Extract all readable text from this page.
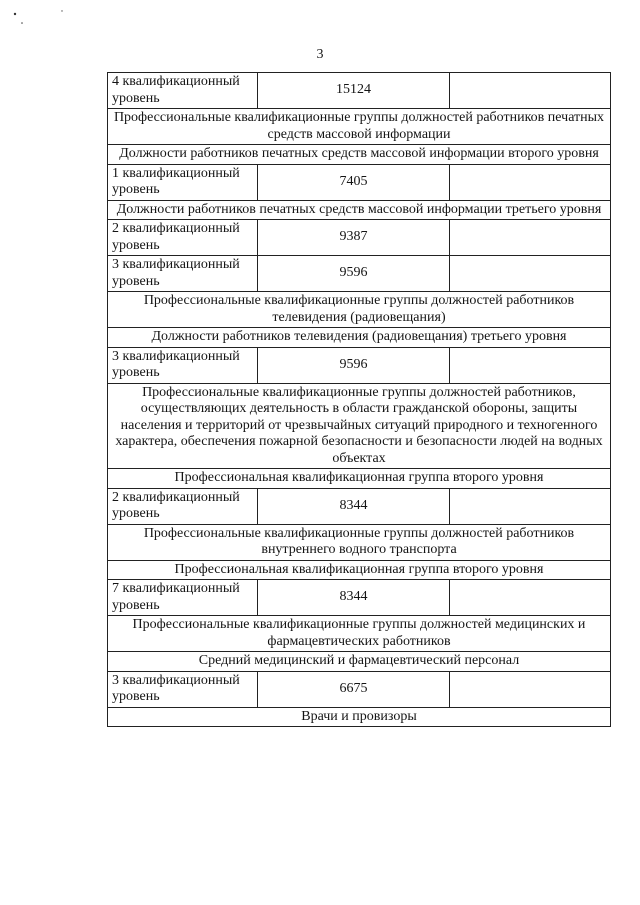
3
4 квалификационный уровень	15124	
Профессиональные квалификационные группы должностей работников печатных средств массовой информации		
Должности работников печатных средств массовой информации второго уровня		
1 квалификационный уровень	7405	
Должности работников печатных средств массовой информации третьего уровня		
2 квалификационный уровень	9387	
3 квалификационный уровень	9596	
Профессиональные квалификационные группы должностей работников телевидения (радиовещания)		
Должности работников телевидения (радиовещания) третьего уровня		
3 квалификационный уровень	9596	
Профессиональные квалификационные группы должностей работников, осуществляющих деятельность в области гражданской обороны, защиты населения и территорий от чрезвычайных ситуаций природного и техногенного характера, обеспечения пожарной безопасности и безопасности людей на водных объектах		
Профессиональная квалификационная группа второго уровня		
2 квалификационный уровень	8344	
Профессиональные квалификационные группы должностей работников внутреннего водного транспорта		
Профессиональная квалификационная группа второго уровня		
7 квалификационный уровень	8344	
Профессиональные квалификационные группы должностей медицинских и фармацевтических работников		
Средний медицинский и фармацевтический персонал		
3 квалификационный уровень	6675	
Врачи и провизоры		
